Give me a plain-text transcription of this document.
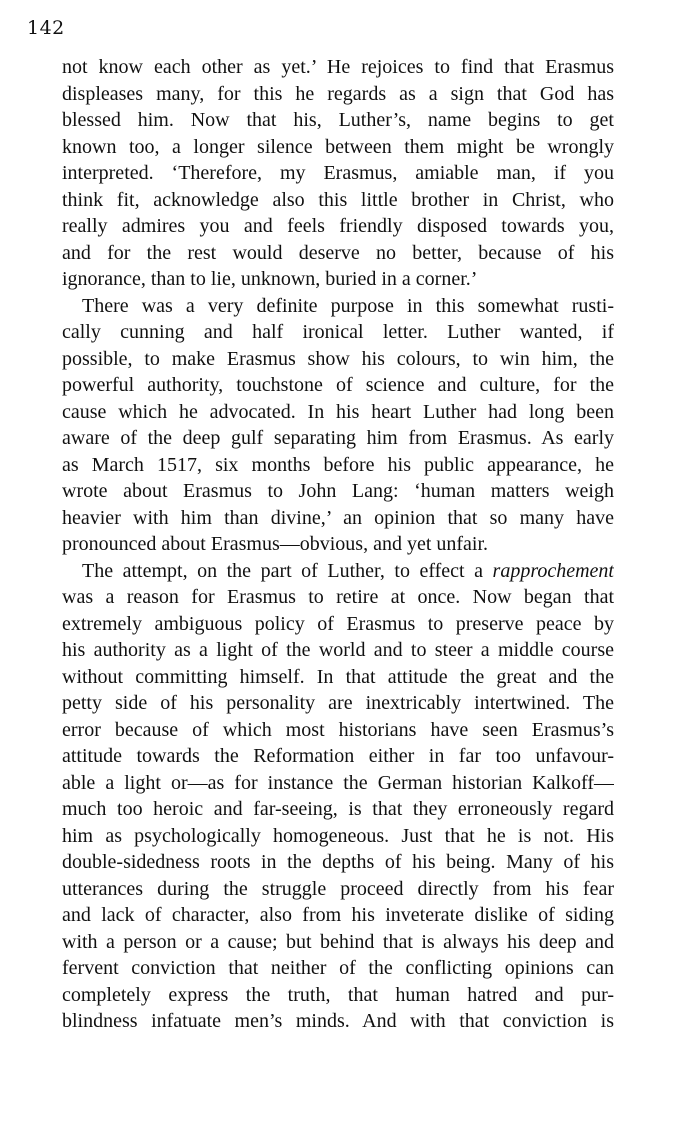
142
not know each other as yet.’ He rejoices to find that Erasmus
displeases many, for this he regards as a sign that God has
blessed him. Now that his, Luther’s, name begins to get
known too, a longer silence between them might be wrongly
interpreted. ‘Therefore, my Erasmus, amiable man, if you
think fit, acknowledge also this little brother in Christ, who
really admires you and feels friendly disposed towards you,
and for the rest would deserve no better, because of his
ignorance, than to lie, unknown, buried in a corner.’
There was a very definite purpose in this somewhat rusti-
cally cunning and half ironical letter. Luther wanted, if
possible, to make Erasmus show his colours, to win him, the
powerful authority, touchstone of science and culture, for the
cause which he advocated. In his heart Luther had long been
aware of the deep gulf separating him from Erasmus. As early
as March 1517, six months before his public appearance, he
wrote about Erasmus to John Lang: ‘human matters weigh
heavier with him than divine,’ an opinion that so many have
pronounced about Erasmus—obvious, and yet unfair.
The attempt, on the part of Luther, to effect a rapprochement
was a reason for Erasmus to retire at once. Now began that
extremely ambiguous policy of Erasmus to preserve peace by
his authority as a light of the world and to steer a middle course
without committing himself. In that attitude the great and the
petty side of his personality are inextricably intertwined. The
error because of which most historians have seen Erasmus’s
attitude towards the Reformation either in far too unfavour-
able a light or—as for instance the German historian Kalkoff—
much too heroic and far-seeing, is that they erroneously regard
him as psychologically homogeneous. Just that he is not. His
double-sidedness roots in the depths of his being. Many of his
utterances during the struggle proceed directly from his fear
and lack of character, also from his inveterate dislike of siding
with a person or a cause; but behind that is always his deep and
fervent conviction that neither of the conflicting opinions can
completely express the truth, that human hatred and pur-
blindness infatuate men’s minds. And with that conviction is
